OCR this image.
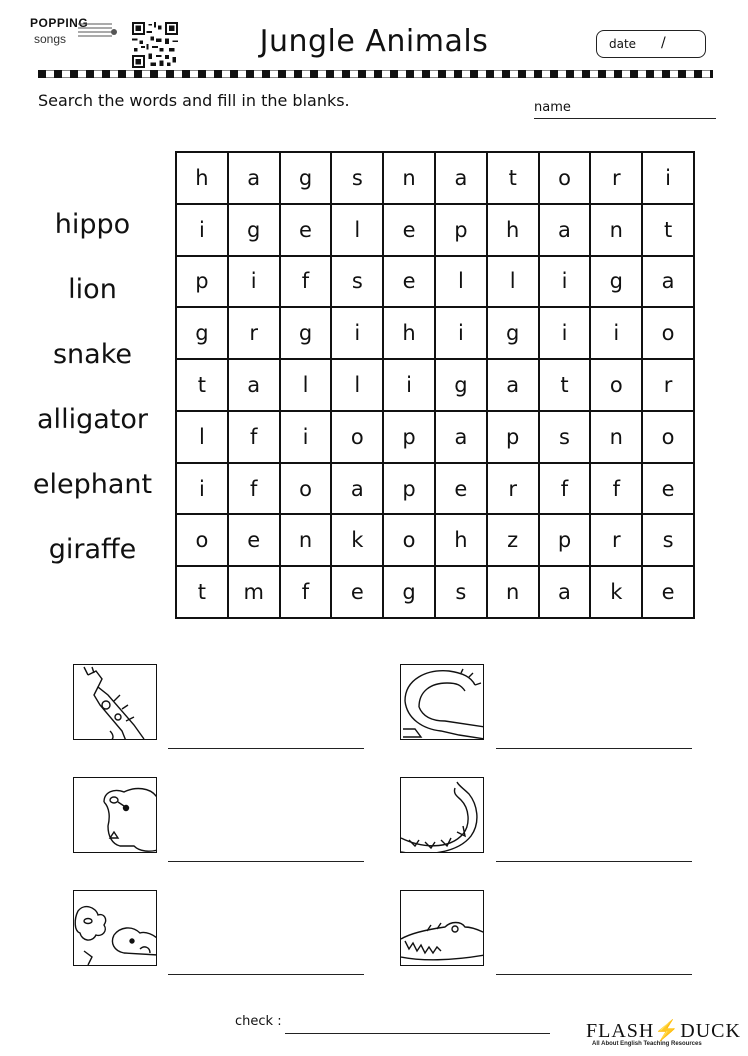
POPPING
songs	Jungle Animals	date /
Search the words and fill in the blanks.	name
hippo
lion
snake
alligator
elephant
giraffe
h	a	g	s	n	a	t	o	r	i
i	g	e	l	e	p	h	a	n	t
p	i	f	s	e	l	l	i	g	a
g	r	g	i	h	i	g	i	i	o
t	a	l	l	i	g	a	t	o	r
l	f	i	o	p	a	p	s	n	o
i	f	o	a	p	e	r	f	f	e
o	e	n	k	o	h	z	p	r	s
t	m	f	e	g	s	n	a	k	e
check :	FLASH⚡DUCK
All About English Teaching Resources
